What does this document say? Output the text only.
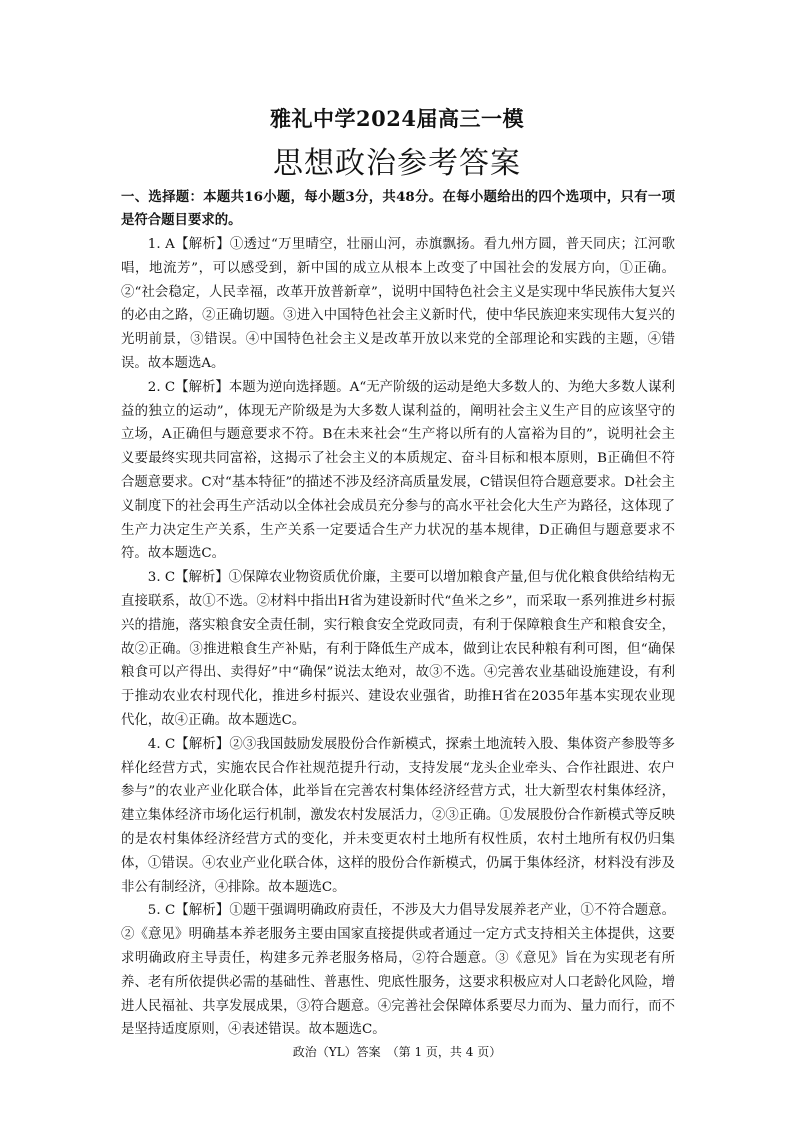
雅礼中学2024届高三一模
思想政治参考答案
一、选择题：本题共16小题，每小题3分，共48分。在每小题给出的四个选项中，只有一项是符合题目要求的。

1. A【解析】①透过“万里晴空，壮丽山河，赤旗飘扬。看九州方圆，普天同庆；江河歌唱，地流芳”，可以感受到，新中国的成立从根本上改变了中国社会的发展方向，①正确。②“社会稳定，人民幸福，改革开放普新章”，说明中国特色社会主义是实现中华民族伟大复兴的必由之路，②正确切题。③进入中国特色社会主义新时代，使中华民族迎来实现伟大复兴的光明前景，③错误。④中国特色社会主义是改革开放以来党的全部理论和实践的主题，④错误。故本题选A。

2. C【解析】本题为逆向选择题。A“无产阶级的运动是绝大多数人的、为绝大多数人谋利益的独立的运动”，体现无产阶级是为大多数人谋利益的，阐明社会主义生产目的应该坚守的立场，A正确但与题意要求不符。B在未来社会“生产将以所有的人富裕为目的”，说明社会主义要最终实现共同富裕，这揭示了社会主义的本质规定、奋斗目标和根本原则，B正确但不符合题意要求。C对“基本特征”的描述不涉及经济高质量发展，C错误但符合题意要求。D社会主义制度下的社会再生产活动以全体社会成员充分参与的高水平社会化大生产为路径，这体现了生产力决定生产关系，生产关系一定要适合生产力状况的基本规律，D正确但与题意要求不符。故本题选C。

3. C【解析】①保障农业物资质优价廉，主要可以增加粮食产量,但与优化粮食供给结构无直接联系，故①不选。②材料中指出H省为建设新时代“鱼米之乡”，而采取一系列推进乡村振兴的措施，落实粮食安全责任制，实行粮食安全党政同责，有利于保障粮食生产和粮食安全，故②正确。③推进粮食生产补贴，有利于降低生产成本，做到让农民种粮有利可图，但“确保粮食可以产得出、卖得好”中“确保”说法太绝对，故③不选。④完善农业基础设施建设，有利于推动农业农村现代化，推进乡村振兴、建设农业强省，助推H省在2035年基本实现农业现代化，故④正确。故本题选C。

4. C【解析】②③我国鼓励发展股份合作新模式，探索土地流转入股、集体资产参股等多样化经营方式，实施农民合作社规范提升行动，支持发展“龙头企业牵头、合作社跟进、农户参与”的农业产业化联合体，此举旨在完善农村集体经济经营方式，壮大新型农村集体经济，建立集体经济市场化运行机制，激发农村发展活力，②③正确。①发展股份合作新模式等反映的是农村集体经济经营方式的变化，并未变更农村土地所有权性质，农村土地所有权仍归集体，①错误。④农业产业化联合体，这样的股份合作新模式，仍属于集体经济，材料没有涉及非公有制经济，④排除。故本题选C。

5. C【解析】①题干强调明确政府责任，不涉及大力倡导发展养老产业，①不符合题意。②《意见》明确基本养老服务主要由国家直接提供或者通过一定方式支持相关主体提供，这要求明确政府主导责任，构建多元养老服务格局，②符合题意。③《意见》旨在为实现老有所养、老有所依提供必需的基础性、普惠性、兜底性服务，这要求积极应对人口老龄化风险，增进人民福祉、共享发展成果，③符合题意。④完善社会保障体系要尽力而为、量力而行，而不是坚持适度原则，④表述错误。故本题选C。

政治（YL）答案　（第 1 页，共 4 页）
